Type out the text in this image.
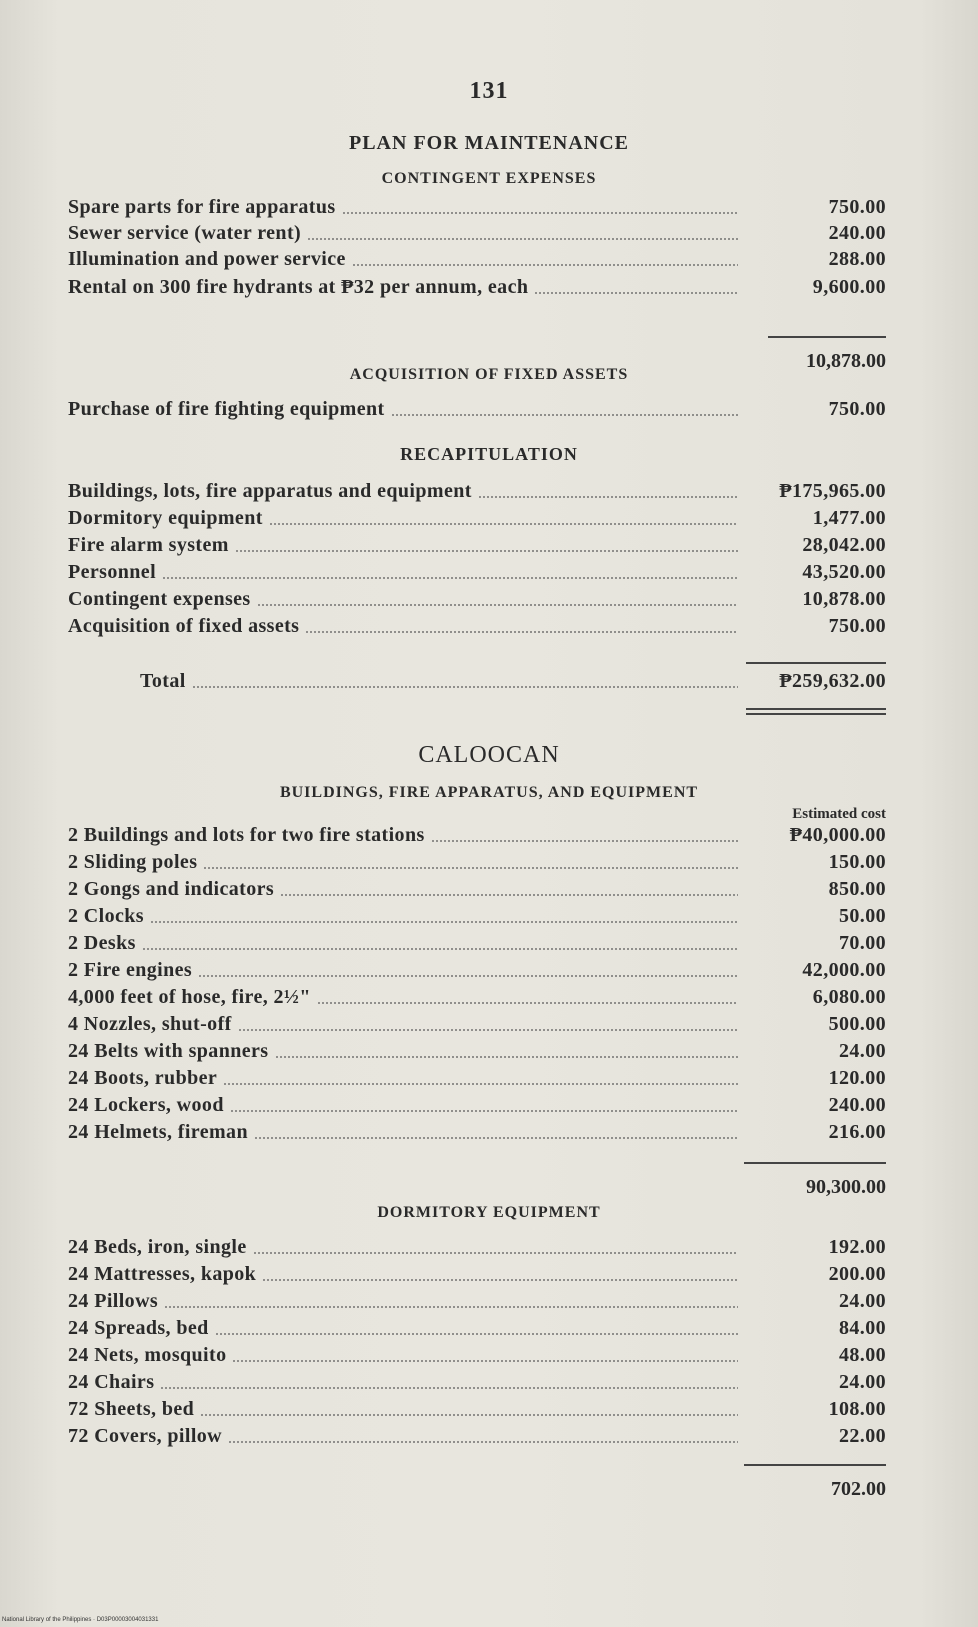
131
PLAN FOR MAINTENANCE
CONTINGENT EXPENSES
Spare parts for fire apparatus	750.00
Sewer service (water rent)	240.00
Illumination and power service	288.00
Rental on 300 fire hydrants at ₱32 per annum, each	9,600.00
10,878.00
ACQUISITION OF FIXED ASSETS
Purchase of fire fighting equipment	750.00
RECAPITULATION
Buildings, lots, fire apparatus and equipment	₱175,965.00
Dormitory equipment	1,477.00
Fire alarm system	28,042.00
Personnel	43,520.00
Contingent expenses	10,878.00
Acquisition of fixed assets	750.00
Total	₱259,632.00
CALOOCAN
BUILDINGS, FIRE APPARATUS, AND EQUIPMENT
Estimated cost
2 Buildings and lots for two fire stations	₱40,000.00
2 Sliding poles	150.00
2 Gongs and indicators	850.00
2 Clocks	50.00
2 Desks	70.00
2 Fire engines	42,000.00
4,000 feet of hose, fire, 2½"	6,080.00
4 Nozzles, shut-off	500.00
24 Belts with spanners	24.00
24 Boots, rubber	120.00
24 Lockers, wood	240.00
24 Helmets, fireman	216.00
90,300.00
DORMITORY EQUIPMENT
24 Beds, iron, single	192.00
24 Mattresses, kapok	200.00
24 Pillows	24.00
24 Spreads, bed	84.00
24 Nets, mosquito	48.00
24 Chairs	24.00
72 Sheets, bed	108.00
72 Covers, pillow	22.00
702.00
National Library of the Philippines · D03P00003004031331
